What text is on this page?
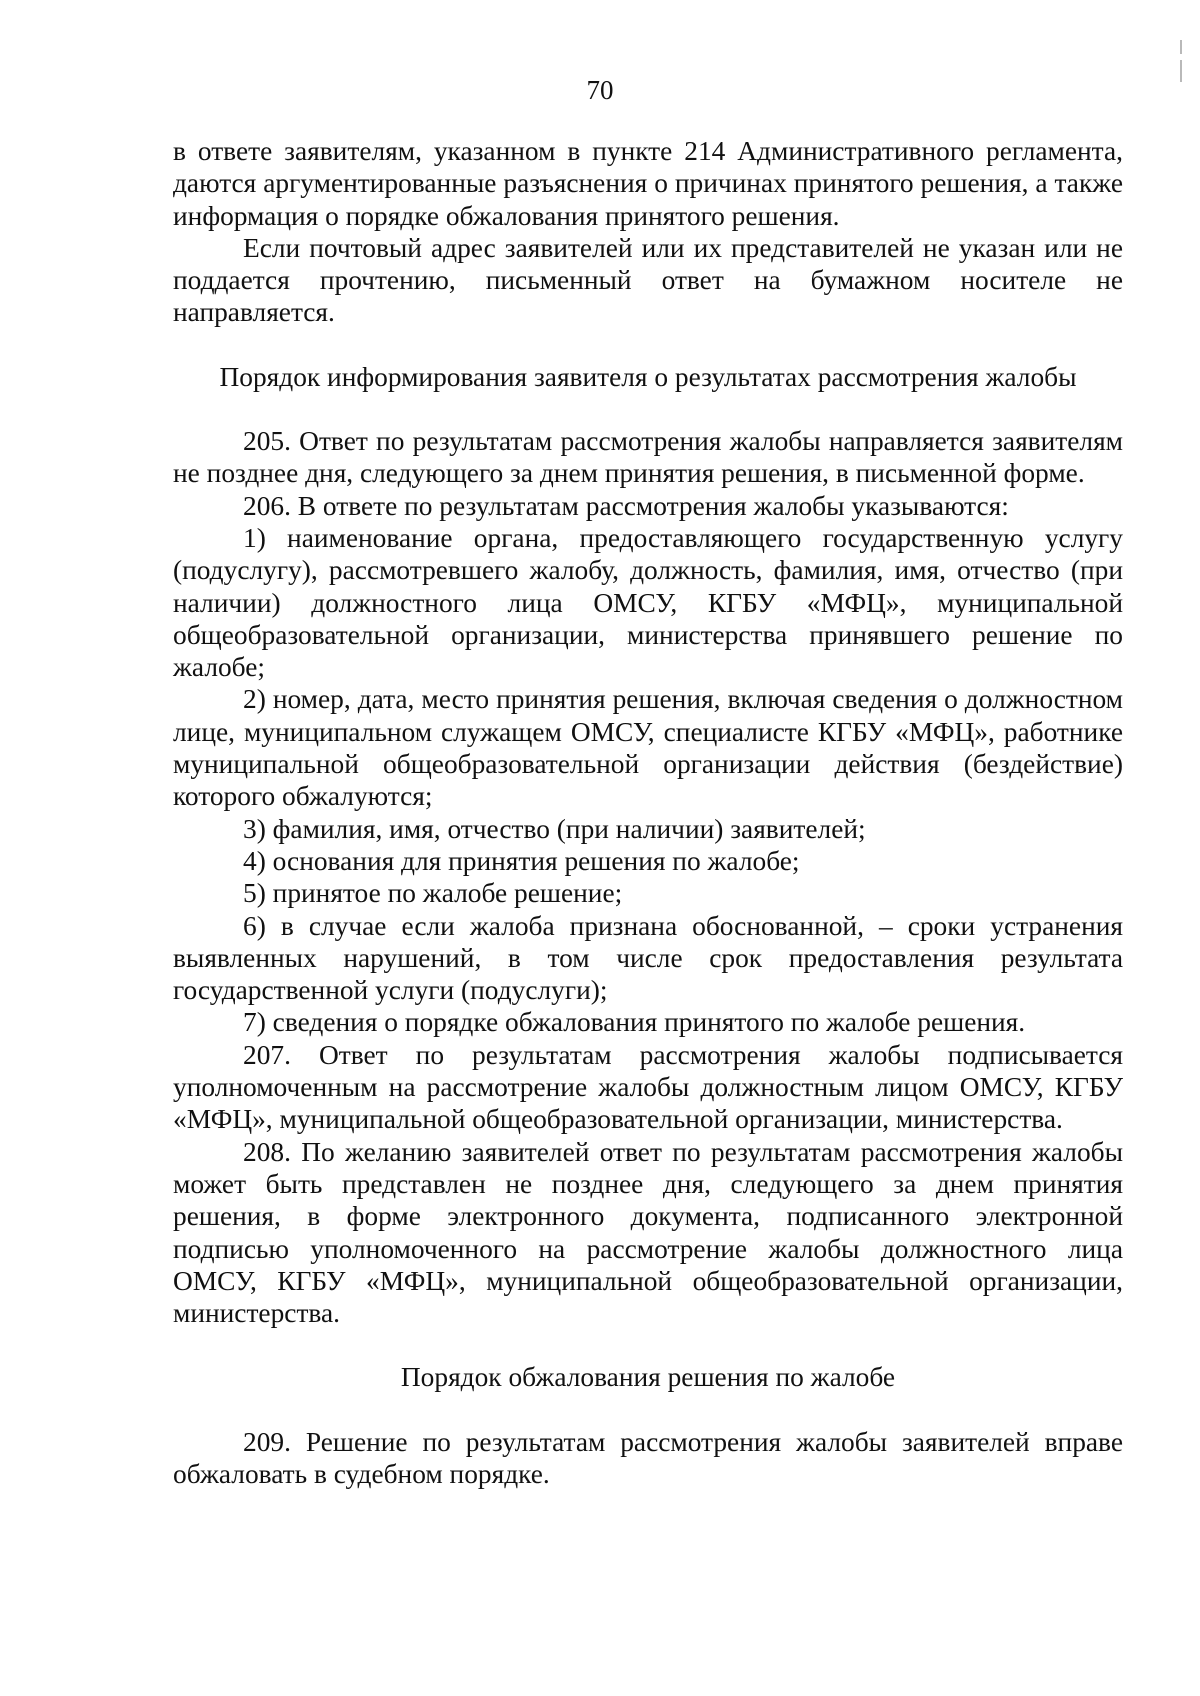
70

в ответе заявителям, указанном в пункте 214 Административного регламента, даются аргументированные разъяснения о причинах принятого решения, а также информация о порядке обжалования принятого решения.

Если почтовый адрес заявителей или их представителей не указан или не поддается прочтению, письменный ответ на бумажном носителе не направляется.

Порядок информирования заявителя о результатах рассмотрения жалобы

205. Ответ по результатам рассмотрения жалобы направляется заявителям не позднее дня, следующего за днем принятия решения, в письменной форме.

206. В ответе по результатам рассмотрения жалобы указываются:

1) наименование органа, предоставляющего государственную услугу (подуслугу), рассмотревшего жалобу, должность, фамилия, имя, отчество (при наличии) должностного лица ОМСУ, КГБУ «МФЦ», муниципальной общеобразовательной организации, министерства принявшего решение по жалобе;

2) номер, дата, место принятия решения, включая сведения о должностном лице, муниципальном служащем ОМСУ, специалисте КГБУ «МФЦ», работнике муниципальной общеобразовательной организации действия (бездействие) которого обжалуются;

3) фамилия, имя, отчество (при наличии) заявителей;

4) основания для принятия решения по жалобе;

5) принятое по жалобе решение;

6) в случае если жалоба признана обоснованной, – сроки устранения выявленных нарушений, в том числе срок предоставления результата государственной услуги (подуслуги);

7) сведения о порядке обжалования принятого по жалобе решения.

207. Ответ по результатам рассмотрения жалобы подписывается уполномоченным на рассмотрение жалобы должностным лицом ОМСУ, КГБУ «МФЦ», муниципальной общеобразовательной организации, министерства.

208. По желанию заявителей ответ по результатам рассмотрения жалобы может быть представлен не позднее дня, следующего за днем принятия решения, в форме электронного документа, подписанного электронной подписью уполномоченного на рассмотрение жалобы должностного лица ОМСУ, КГБУ «МФЦ», муниципальной общеобразовательной организации, министерства.

Порядок обжалования решения по жалобе

209. Решение по результатам рассмотрения жалобы заявителей вправе обжаловать в судебном порядке.
